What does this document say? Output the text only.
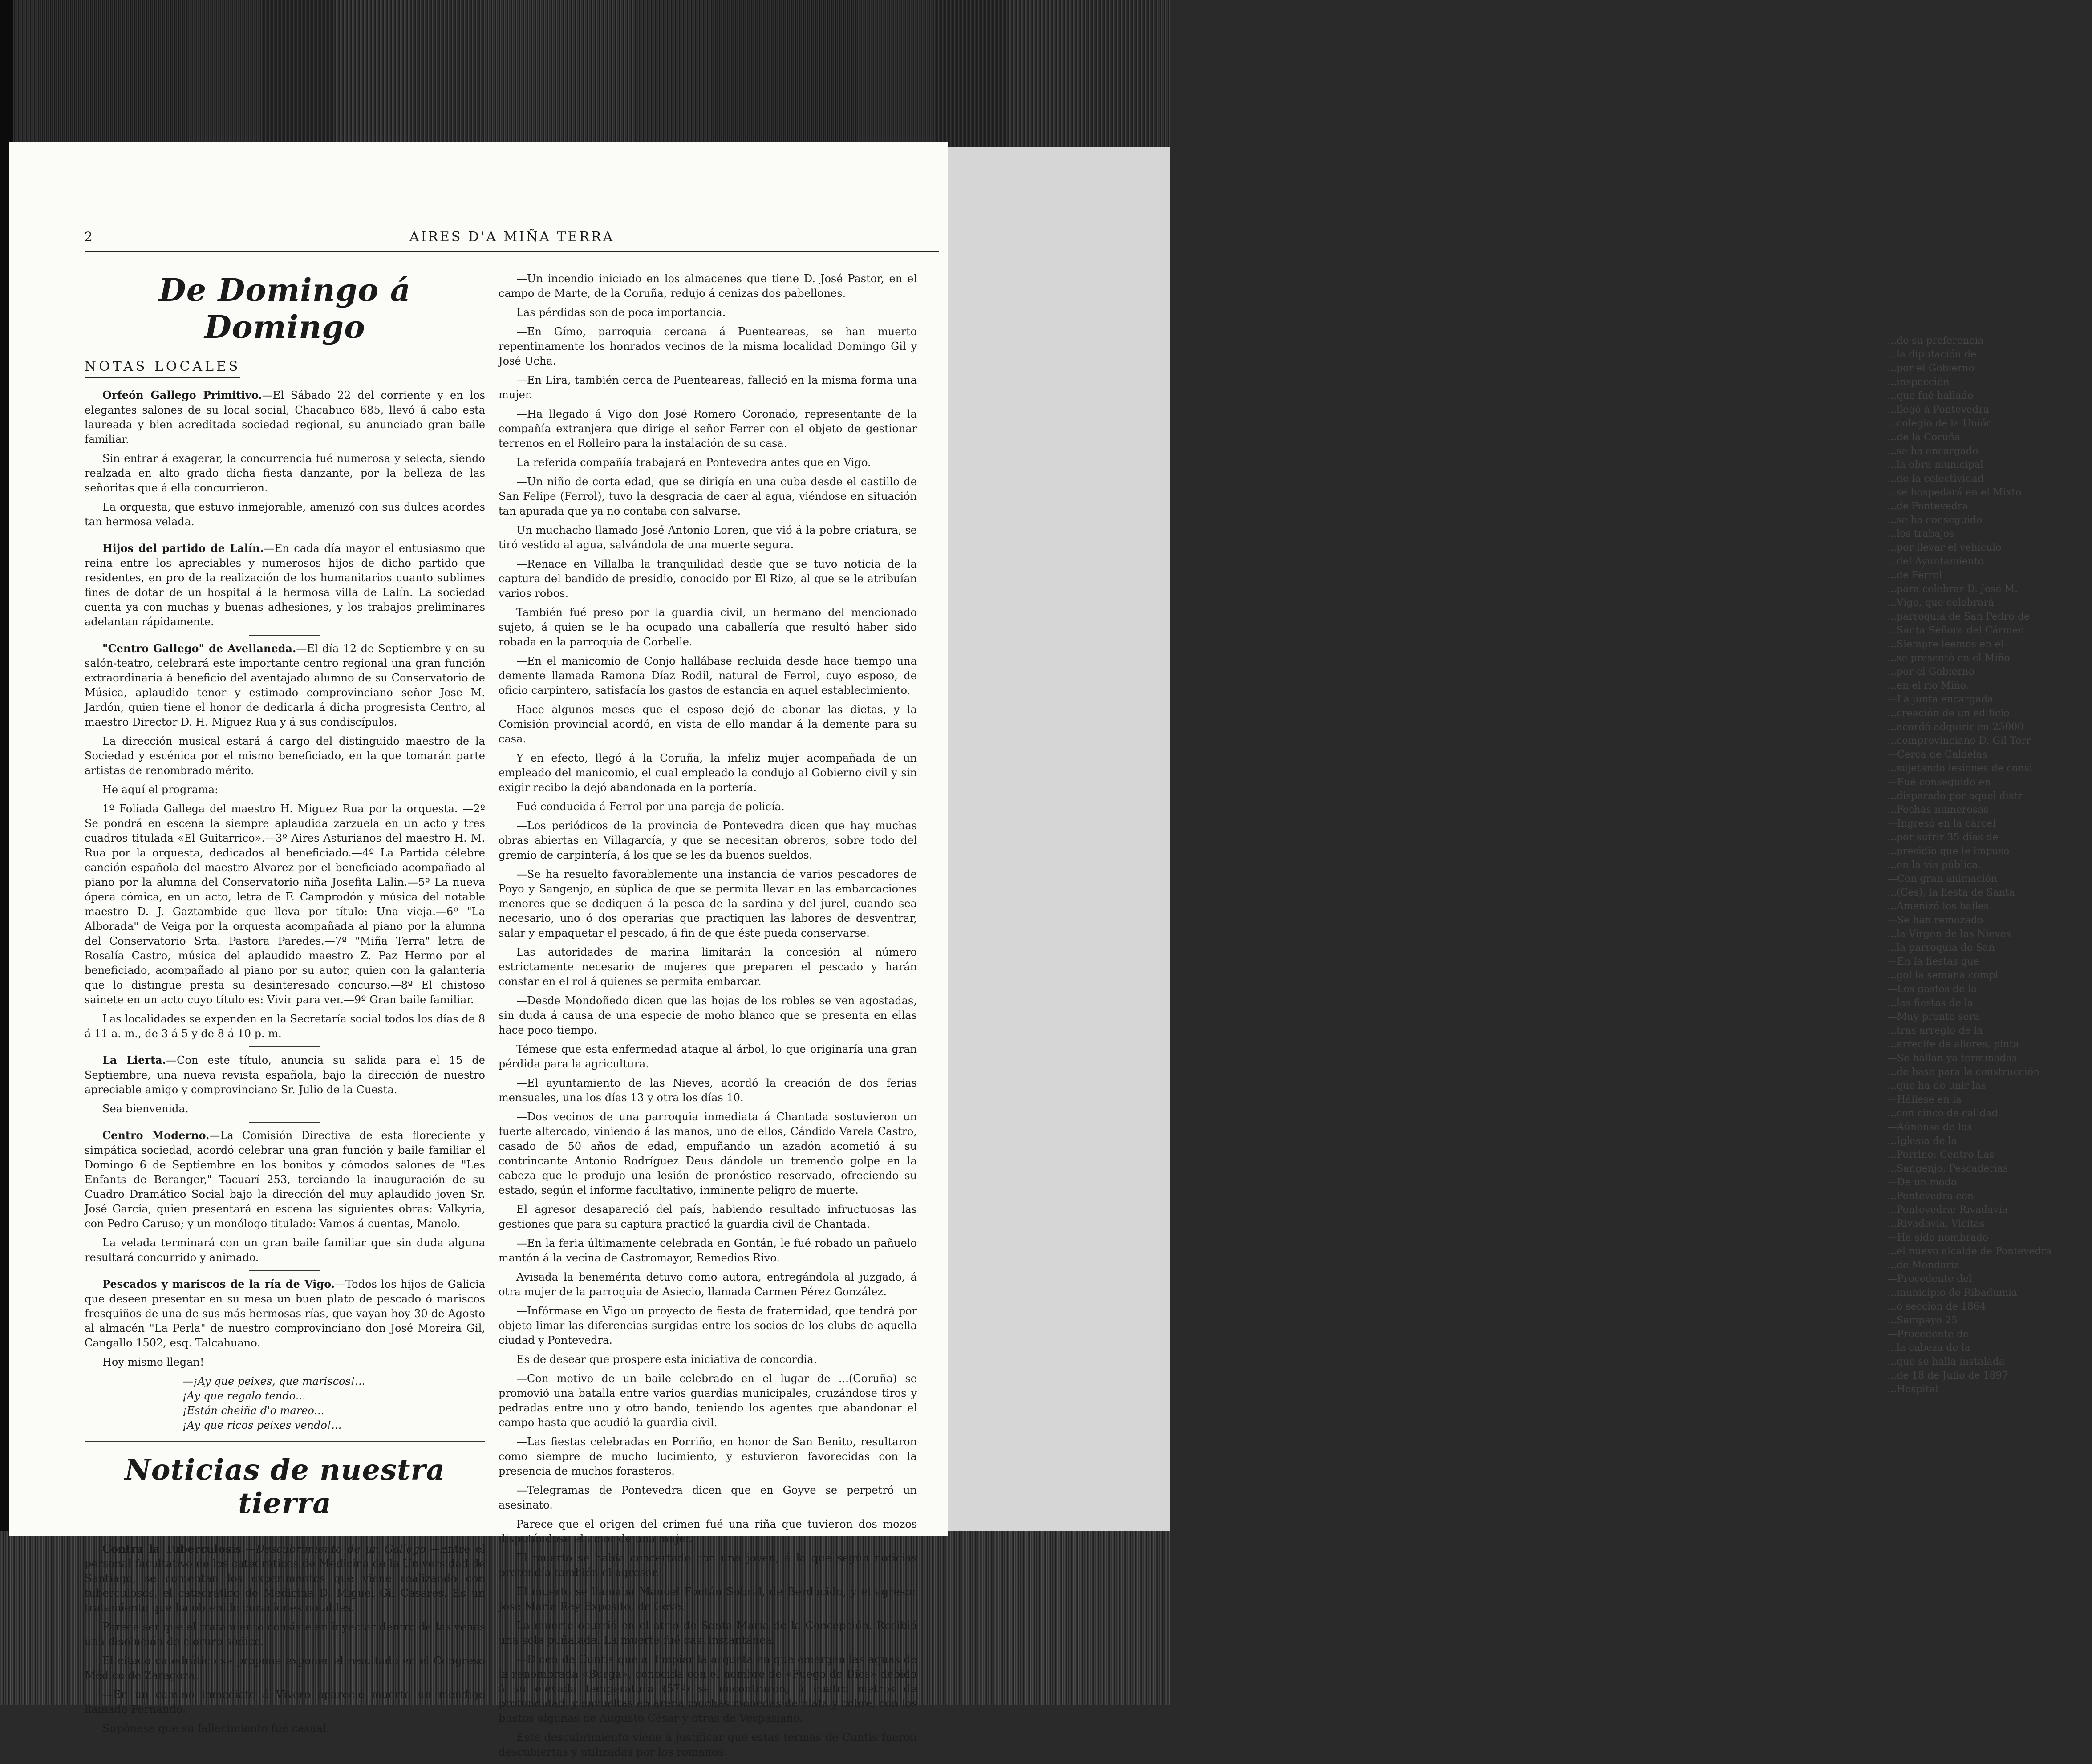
...de su preferencia
...la diputación de
...por el Gobierno
...inspección
...que fué hallado
...llegó á Pontevedra
...colegio de la Unión
...de la Coruña
...se ha encargado
...la obra municipal
...de la colectividad
...se hospedará en el Mixto
...de Pontevedra
...se ha conseguido
...los trabajos
...por llevar el vehículo
...del Ayuntamiento
...de Ferrol
...para celebrar D. José M.
...Vigo, que celebrará
...parroquia de San Pedro de
...Santa Señora del Cármen
...Siempre leemos en el
...se presentó en el Miño
...por el Gobierno
...en el río Miño.
—La junta encargada
...creación de un edificio
...acordó adquirir en 25000
...comprovinciano D. Gil Torr
—Cerca de Caldelas
...sujetando lesiones de consi
—Fué conseguido en
...disparado por aquel distr
...Fechas numerosas
—Ingresó en la cárcel
...por sufrir 35 días de
...presidio que le impuso
...en la vía pública.
—Con gran animación
...(Ces), la fiesta de Santa
...Amenizó los bailes
—Se han remozado
...la Virgen de las Nieves
...la parroquia de San
—En la fiestas que
...gol la semana compl
—Los gastos de la
...las fiestas de la
—Muy pronto sera
...tras arreglo de la
...arrecife de aliores, pinta
—Se hallan ya terminadas
...de base para la construcción
...que ha de unir las
—Hállese en la
...con cinco de calidad
—Aúnense de los
...Iglesia de la
...Porrino: Centro Las
...Sangenjo, Pescaderias
—De un modo
...Pontevedra con
...Pontevedra: Rivadavia
...Rivadavia, Vicitas
—Ha sido nombrado
...el nuevo alcalde de Pontevedra
...de Mondariz
—Procedente del
...municipio de Ribadumia
...ó sección de 1864
...Sampayo 25
—Procedente de
...la cabeza de la
...que se halla instalada
...de 18 de Julio de 1897
...Hospital
2	AIRES D'A MIÑA TERRA
De Domingo á Domingo
NOTAS LOCALES

Orfeón Gallego Primitivo.—El Sábado 22 del corriente y en los elegantes salones de su local social, Chacabuco 685, llevó á cabo esta laureada y bien acreditada sociedad regional, su anunciado gran baile familiar.

Sin entrar á exagerar, la concurrencia fué numerosa y selecta, siendo realzada en alto grado dicha fiesta danzante, por la belleza de las señoritas que á ella concurrieron.

La orquesta, que estuvo inmejorable, amenizó con sus dulces acordes tan hermosa velada.

Hijos del partido de Lalín.—En cada día mayor el entusiasmo que reina entre los apreciables y numerosos hijos de dicho partido que residentes, en pro de la realización de los humanitarios cuanto sublimes fines de dotar de un hospital á la hermosa villa de Lalín. La sociedad cuenta ya con muchas y buenas adhesiones, y los trabajos preliminares adelantan rápidamente.

"Centro Gallego" de Avellaneda.—El día 12 de Septiembre y en su salón-teatro, celebrará este importante centro regional una gran función extraordinaria á beneficio del aventajado alumno de su Conservatorio de Música, aplaudido tenor y estimado comprovinciano señor Jose M. Jardón, quien tiene el honor de dedicarla á dicha progresista Centro, al maestro Director D. H. Miguez Rua y á sus condiscípulos.

La dirección musical estará á cargo del distinguido maestro de la Sociedad y escénica por el mismo beneficiado, en la que tomarán parte artistas de renombrado mérito.

He aquí el programa:

1º Foliada Gallega del maestro H. Miguez Rua por la orquesta. —2º Se pondrá en escena la siempre aplaudida zarzuela en un acto y tres cuadros titulada «El Guitarrico».—3º Aires Asturianos del maestro H. M. Rua por la orquesta, dedicados al beneficiado.—4º La Partida célebre canción española del maestro Alvarez por el beneficiado acompañado al piano por la alumna del Conservatorio niña Josefita Lalin.—5º La nueva ópera cómica, en un acto, letra de F. Camprodón y música del notable maestro D. J. Gaztambide que lleva por título: Una vieja.—6º "La Alborada" de Veiga por la orquesta acompañada al piano por la alumna del Conservatorio Srta. Pastora Paredes.—7º "Miña Terra" letra de Rosalía Castro, música del aplaudido maestro Z. Paz Hermo por el beneficiado, acompañado al piano por su autor, quien con la galantería que lo distingue presta su desinteresado concurso.—8º El chistoso sainete en un acto cuyo título es: Vivir para ver.—9º Gran baile familiar.

Las localidades se expenden en la Secretaría social todos los días de 8 á 11 a. m., de 3 á 5 y de 8 á 10 p. m.

La Lierta.—Con este título, anuncia su salida para el 15 de Septiembre, una nueva revista española, bajo la dirección de nuestro apreciable amigo y comprovinciano Sr. Julio de la Cuesta.

Sea bienvenida.

Centro Moderno.—La Comisión Directiva de esta floreciente y simpática sociedad, acordó celebrar una gran función y baile familiar el Domingo 6 de Septiembre en los bonitos y cómodos salones de "Les Enfants de Beranger," Tacuarí 253, terciando la inauguración de su Cuadro Dramático Social bajo la dirección del muy aplaudido joven Sr. José García, quien presentará en escena las siguientes obras: Valkyria, con Pedro Caruso; y un monólogo titulado: Vamos á cuentas, Manolo.

La velada terminará con un gran baile familiar que sin duda alguna resultará concurrido y animado.

Pescados y mariscos de la ría de Vigo.—Todos los hijos de Galicia que deseen presentar en su mesa un buen plato de pescado ó mariscos fresquiños de una de sus más hermosas rías, que vayan hoy 30 de Agosto al almacén "La Perla" de nuestro comprovinciano don José Moreira Gil, Cangallo 1502, esq. Talcahuano.

Hoy mismo llegan!

—¡Ay que peixes, que mariscos!...
¡Ay que regalo tendo...
¡Están cheiña d'o mareo...
¡Ay que ricos peixes vendo!...
Noticias de nuestra tierra

Contra la Tuberculosis.—Descubrimiento de un Gallego.—Entre el personal facultativo de los catedráticos de Medicina de la Universidad de Santiago, se comentan los experimentos que viene realizando con tuberculosos, el catedrático de Medicina D. Miguel Gil Casares. Es un tratamiento que ha obtenido curaciones notables.

Parece ser que el tratamiento consiste en inyectar dentro de las venas una disolución de cloruro sódico.

El citado catedrático se propone exponer el resultado en el Congreso Médico de Zaragoza.

—En un camino inmediato á Vivero apareció muerto un mendigo llamado Fernando.

Supónese que su fallecimiento fué casual.

—Un incendio iniciado en los almacenes que tiene D. José Pastor, en el campo de Marte, de la Coruña, redujo á cenizas dos pabellones.

Las pérdidas son de poca importancia.

—En Gímo, parroquia cercana á Puenteareas, se han muerto repentinamente los honrados vecinos de la misma localidad Domingo Gil y José Ucha.

—En Lira, también cerca de Puenteareas, falleció en la misma forma una mujer.

—Ha llegado á Vigo don José Romero Coronado, representante de la compañía extranjera que dirige el señor Ferrer con el objeto de gestionar terrenos en el Rolleiro para la instalación de su casa.

La referida compañía trabajará en Pontevedra antes que en Vigo.

—Un niño de corta edad, que se dirigía en una cuba desde el castillo de San Felipe (Ferrol), tuvo la desgracia de caer al agua, viéndose en situación tan apurada que ya no contaba con salvarse.

Un muchacho llamado José Antonio Loren, que vió á la pobre criatura, se tiró vestido al agua, salvándola de una muerte segura.

—Renace en Villalba la tranquilidad desde que se tuvo noticia de la captura del bandido de presidio, conocido por El Rizo, al que se le atribuían varios robos.

También fué preso por la guardia civil, un hermano del mencionado sujeto, á quien se le ha ocupado una caballería que resultó haber sido robada en la parroquia de Corbelle.

—En el manicomio de Conjo hallábase recluida desde hace tiempo una demente llamada Ramona Díaz Rodil, natural de Ferrol, cuyo esposo, de oficio carpintero, satisfacía los gastos de estancia en aquel establecimiento.

Hace algunos meses que el esposo dejó de abonar las dietas, y la Comisión provincial acordó, en vista de ello mandar á la demente para su casa.

Y en efecto, llegó á la Coruña, la infeliz mujer acompañada de un empleado del manicomio, el cual empleado la condujo al Gobierno civil y sin exigir recibo la dejó abandonada en la portería.

Fué conducida á Ferrol por una pareja de policía.

—Los periódicos de la provincia de Pontevedra dicen que hay muchas obras abiertas en Villagarcía, y que se necesitan obreros, sobre todo del gremio de carpintería, á los que se les da buenos sueldos.

—Se ha resuelto favorablemente una instancia de varios pescadores de Poyo y Sangenjo, en súplica de que se permita llevar en las embarcaciones menores que se dediquen á la pesca de la sardina y del jurel, cuando sea necesario, uno ó dos operarias que practiquen las labores de desventrar, salar y empaquetar el pescado, á fin de que éste pueda conservarse.

Las autoridades de marina limitarán la concesión al número estrictamente necesario de mujeres que preparen el pescado y harán constar en el rol á quienes se permita embarcar.

—Desde Mondoñedo dicen que las hojas de los robles se ven agostadas, sin duda á causa de una especie de moho blanco que se presenta en ellas hace poco tiempo.

Témese que esta enfermedad ataque al árbol, lo que originaría una gran pérdida para la agricultura.

—El ayuntamiento de las Nieves, acordó la creación de dos ferias mensuales, una los días 13 y otra los días 10.

—Dos vecinos de una parroquia inmediata á Chantada sostuvieron un fuerte altercado, viniendo á las manos, uno de ellos, Cándido Varela Castro, casado de 50 años de edad, empuñando un azadón acometió á su contrincante Antonio Rodríguez Deus dándole un tremendo golpe en la cabeza que le produjo una lesión de pronóstico reservado, ofreciendo su estado, según el informe facultativo, inminente peligro de muerte.

El agresor desapareció del país, habiendo resultado infructuosas las gestiones que para su captura practicó la guardia civil de Chantada.

—En la feria últimamente celebrada en Gontán, le fué robado un pañuelo mantón á la vecina de Castromayor, Remedios Rivo.

Avisada la benemérita detuvo como autora, entregándola al juzgado, á otra mujer de la parroquia de Asiecio, llamada Carmen Pérez González.

—Infórmase en Vigo un proyecto de fiesta de fraternidad, que tendrá por objeto limar las diferencias surgidas entre los socios de los clubs de aquella ciudad y Pontevedra.

Es de desear que prospere esta iniciativa de concordia.

—Con motivo de un baile celebrado en el lugar de ...(Coruña) se promovió una batalla entre varios guardias municipales, cruzándose tiros y pedradas entre uno y otro bando, teniendo los agentes que abandonar el campo hasta que acudió la guardia civil.

—Las fiestas celebradas en Porriño, en honor de San Benito, resultaron como siempre de mucho lucimiento, y estuvieron favorecidas con la presencia de muchos forasteros.

—Telegramas de Pontevedra dicen que en Goyve se perpetró un asesinato.

Parece que el origen del crimen fué una riña que tuvieron dos mozos disputándose el amor de una mujer.

El muerto se había concertado con una joven, á la que según noticias pretendía también el agresor.

El muerto se llamaba Manuel Fontán Sobral, de Berducido, y el agresor José María Rey Expósito, de Geve.

La muerte ocurrió en el atrio de Santa María de la Concepción. Recibió una sola puñalada. La muerte fué casi instantánea.

—Dicen de Cuntis que al limpiar la arqueta en que emergen las aguas de la renombrada «Burga», conocida con el nombre de «Fuego de Dios» debido á su elevada temperatura (57º) se encontraron, á cuatro metros de profundidad, y envueltas en arena muchas monedas de plata y cobre, con los bustos algunas de Augusto César y otras de Vespasiano.

Este descubrimiento viene á justificar que estas termas de Cuntis fueron descubiertas y utilizadas por los romanos.
